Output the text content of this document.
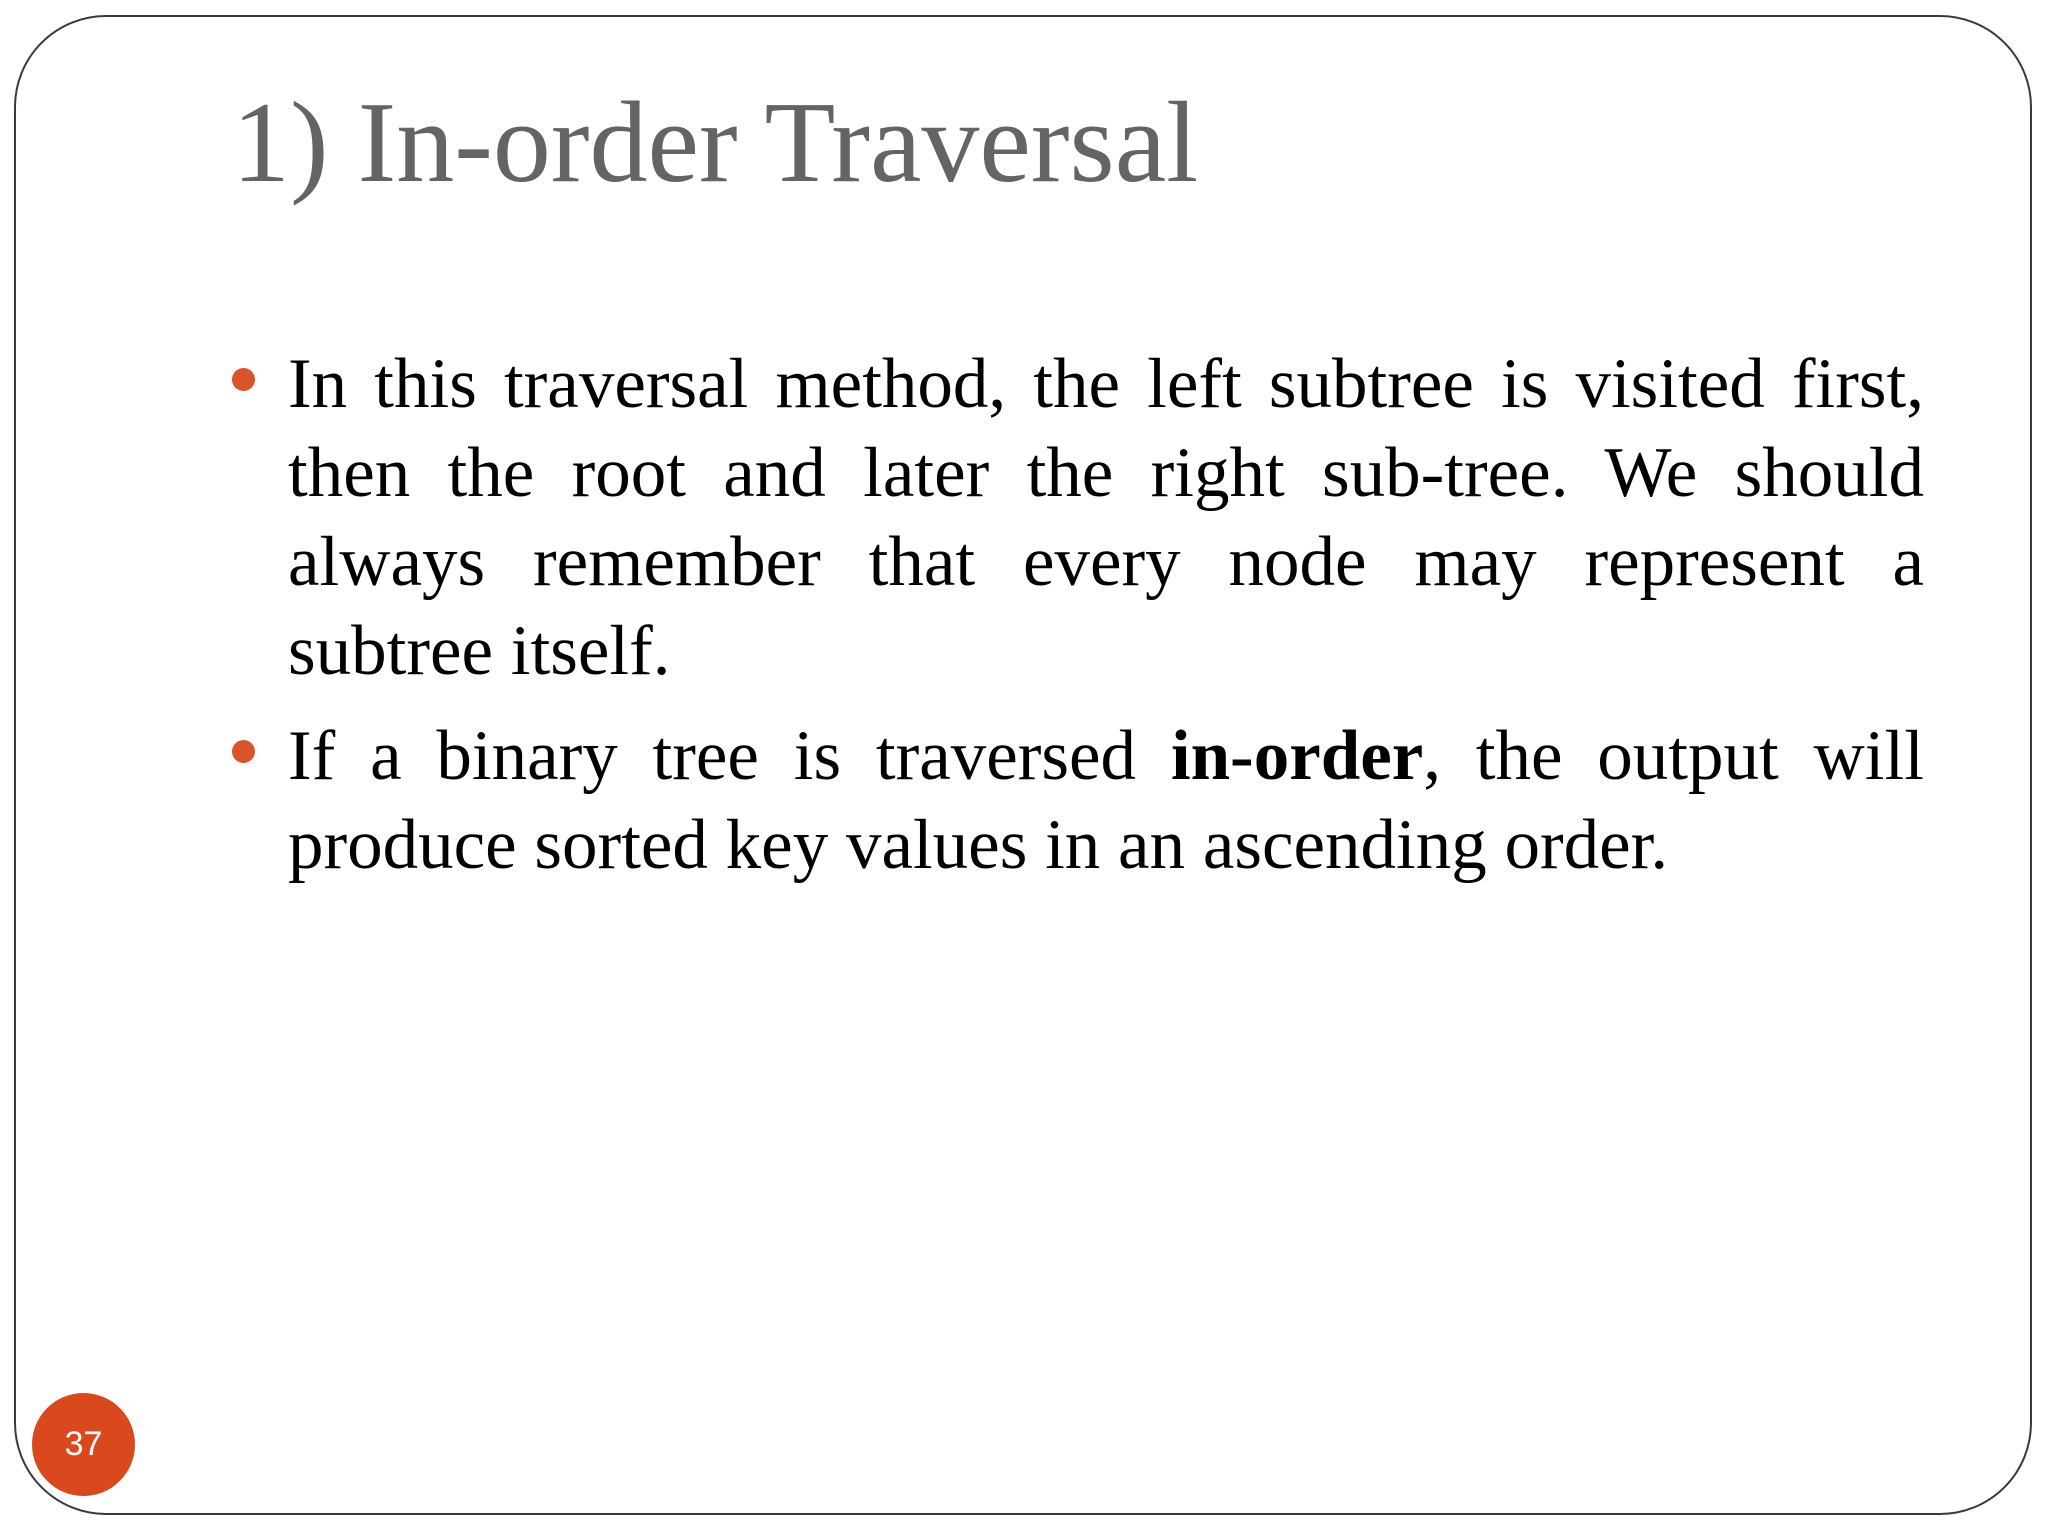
1) In-order Traversal
In this traversal method, the left subtree is visited first, then the root and later the right sub-tree. We should always remember that every node may represent a subtree itself.
If a binary tree is traversed in-order, the output will produce sorted key values in an ascending order.
37
